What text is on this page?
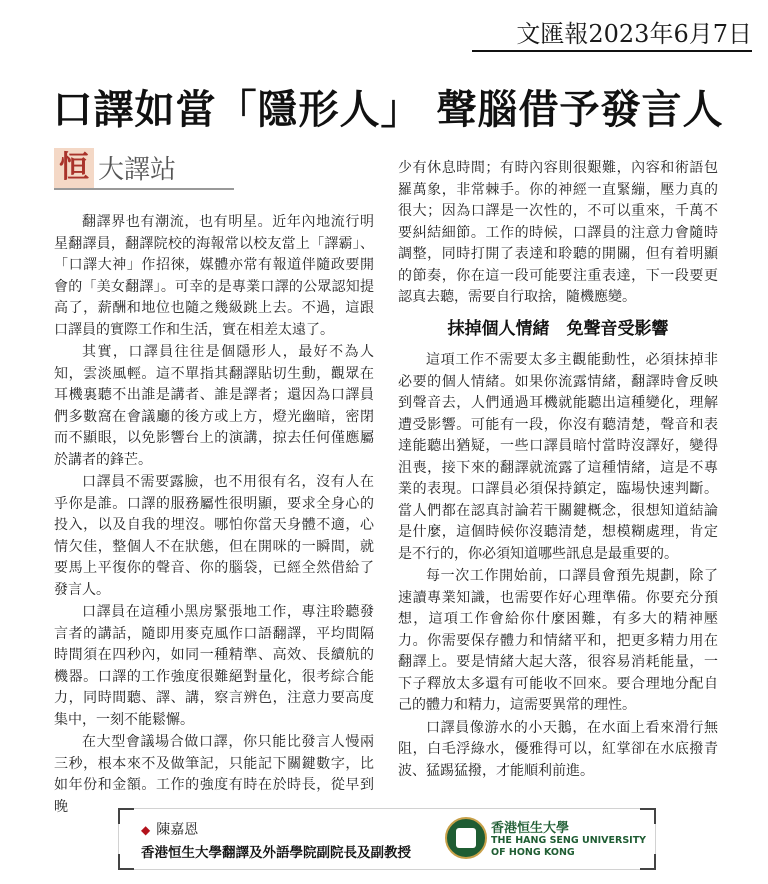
文匯報2023年6月7日
口譯如當「隱形人」 聲腦借予發言人
恒 大譯站

翻譯界也有潮流，也有明星。近年內地流行明星翻譯員，翻譯院校的海報常以校友當上「譯霸」、「口譯大神」作招徠，媒體亦常有報道伴隨政要開會的「美女翻譯」。可幸的是專業口譯的公眾認知提高了，薪酬和地位也隨之幾級跳上去。不過，這跟口譯員的實際工作和生活，實在相差太遠了。

其實，口譯員往往是個隱形人，最好不為人知，雲淡風輕。這不單指其翻譯貼切生動，觀眾在耳機裏聽不出誰是講者、誰是譯者；還因為口譯員們多數窩在會議廳的後方或上方，燈光幽暗，密閉而不顯眼，以免影響台上的演講，掠去任何僅應屬於講者的鋒芒。

口譯員不需要露臉，也不用很有名，沒有人在乎你是誰。口譯的服務屬性很明顯，要求全身心的投入，以及自我的埋沒。哪怕你當天身體不適，心情欠佳，整個人不在狀態，但在開咪的一瞬間，就要馬上平復你的聲音、你的腦袋，已經全然借給了發言人。

口譯員在這種小黑房緊張地工作，專注聆聽發言者的講話，隨即用麥克風作口語翻譯，平均間隔時間須在四秒內，如同一種精準、高效、長續航的機器。口譯的工作強度很難絕對量化，很考綜合能力，同時間聽、譯、講，察言辨色，注意力要高度集中，一刻不能鬆懈。

在大型會議場合做口譯，你只能比發言人慢兩三秒，根本來不及做筆記，只能記下關鍵數字，比如年份和金額。工作的強度有時在於時長，從早到晚

少有休息時間；有時內容則很艱難，內容和術語包羅萬象，非常棘手。你的神經一直緊繃，壓力真的很大；因為口譯是一次性的，不可以重來，千萬不要糾結細節。工作的時候，口譯員的注意力會隨時調整，同時打開了表達和聆聽的開關，但有着明顯的節奏，你在這一段可能要注重表達，下一段要更認真去聽，需要自行取捨，隨機應變。

抹掉個人情緒　免聲音受影響

這項工作不需要太多主觀能動性，必須抹掉非必要的個人情緒。如果你流露情緒，翻譯時會反映到聲音去，人們通過耳機就能聽出這種變化，理解遭受影響。可能有一段，你沒有聽清楚，聲音和表達能聽出猶疑，一些口譯員暗忖當時沒譯好，變得沮喪，接下來的翻譯就流露了這種情緒，這是不專業的表現。口譯員必須保持鎮定，臨場快速判斷。當人們都在認真討論若干關鍵概念，很想知道結論是什麼，這個時候你沒聽清楚，想模糊處理，肯定是不行的，你必須知道哪些訊息是最重要的。

每一次工作開始前，口譯員會預先規劃，除了速讀專業知識，也需要作好心理準備。你要充分預想，這項工作會給你什麼困難，有多大的精神壓力。你需要保存體力和情緒平和，把更多精力用在翻譯上。要是情緒大起大落，很容易消耗能量，一下子釋放太多還有可能收不回來。要合理地分配自己的體力和精力，這需要異常的理性。

口譯員像游水的小天鵝，在水面上看來滑行無阻，白毛浮綠水，優雅得可以，紅掌卻在水底撥青波、猛踢猛撥，才能順利前進。

◆ 陳嘉恩
香港恒生大學翻譯及外語學院副院長及副教授
香港恒生大學
THE HANG SENG UNIVERSITY
OF HONG KONG
